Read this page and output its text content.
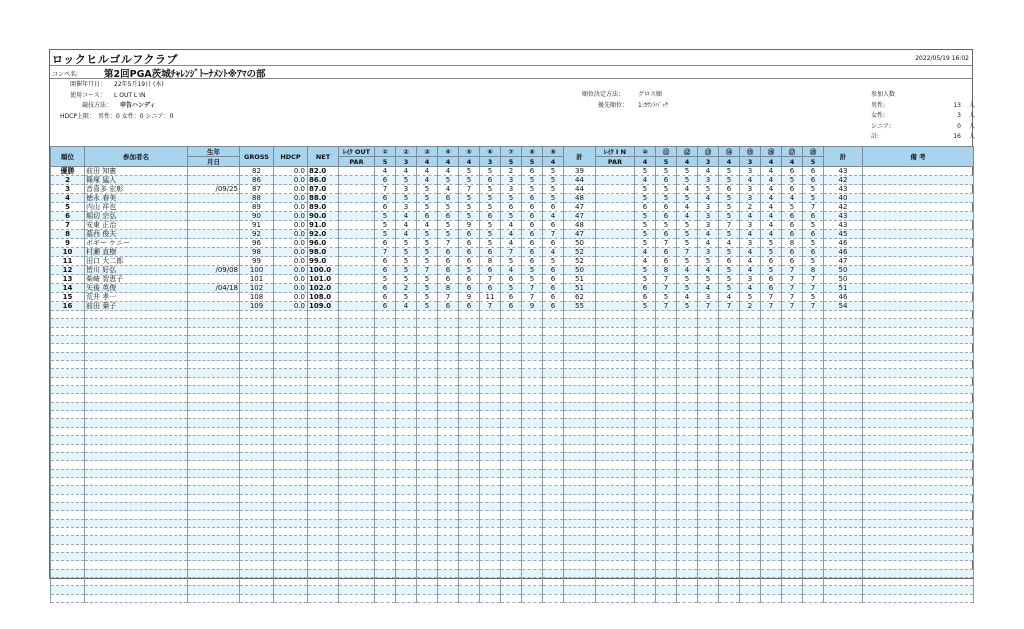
ロックヒルゴルフクラブ	2022/05/19 16:02
コンペ名:	第2回PGA茨城ﾁｬﾚﾝｼﾞﾄｰﾅﾒﾝﾄ※ｱﾏの部
開催年月日： 22年5月19日 (木)
使用コース： L OUT L IN
競技方法： 申告ハンディ
HDCP上限： 男性：0 女性：0 シニア：0
順位決定方法： グロス順
優先順位： 1:ｶｳﾝﾄﾊﾞｯｸ
参加人数
男性:	13 人
女性:	3 人
シニア:	0 人
計:	16 人
順位	参加者名	生年	GROSS	HDCP	NET	ﾚｲｸ OUT	①	②	③	④	⑤	⑥	⑦	⑧	⑨	計	ﾚｲｸ I N	⑩	⑪	⑫	⑬	⑭	⑮	⑯	⑰	⑱	計	備 考
		月日				PAR	5	3	4	4	4	3	5	5	4		PAR	4	5	4	3	4	3	4	4	5		
優勝	前田 知憲		82	0.0	82.0		4	4	4	4	5	5	2	6	5	39		5	5	5	4	5	3	4	6	6	43	
2	篠塚 猛人		86	0.0	86.0		6	5	4	5	5	6	3	5	5	44		4	6	5	3	5	4	4	5	6	42	
3	音喜多 宏彰	/09/25	87	0.0	87.0		7	3	5	4	7	5	3	5	5	44		5	5	4	5	6	3	4	6	5	43	
4	徳永 春美		88	0.0	88.0		6	5	5	6	5	5	5	6	5	48		5	5	5	4	5	3	4	4	5	40	
5	内山 祥也		89	0.0	89.0		6	3	5	5	5	5	6	6	6	47		6	6	4	3	5	2	4	5	7	42	
6	堀切 宗弘		90	0.0	90.0		5	4	6	6	5	6	5	6	4	47		5	6	4	3	5	4	4	6	6	43	
7	安東 正治		91	0.0	91.0		5	4	4	5	9	5	4	6	6	48		5	5	5	3	7	3	4	6	5	43	
8	墓西 俊夫		92	0.0	92.0		5	4	5	5	6	5	4	6	7	47		5	6	5	4	5	4	4	6	6	45	
9	ボギー ケニー		96	0.0	96.0		6	5	5	7	6	5	4	6	6	50		5	7	5	4	4	3	5	8	5	46	
10	村瀬 直樹		98	0.0	98.0		7	5	5	6	6	6	7	6	4	52		4	6	7	3	5	4	5	6	6	46	
11	田口 大二郎		99	0.0	99.0		6	5	5	6	6	8	5	6	5	52		4	6	5	5	6	4	6	6	5	47	
12	皆川 好弘	/09/08	100	0.0	100.0		6	5	7	6	5	6	4	5	6	50		5	8	4	4	5	4	5	7	8	50	
13	柴崎 智恵子		101	0.0	101.0		5	5	5	6	6	7	6	5	6	51		5	7	5	5	5	3	6	7	7	50	
14	矢後 英俊	/04/18	102	0.0	102.0		6	2	5	8	6	6	5	7	6	51		6	7	5	4	5	4	6	7	7	51	
15	荒井 孝一		108	0.0	108.0		6	5	5	7	9	11	6	7	6	62		6	5	4	3	4	5	7	7	5	46	
16	前田 葉子		109	0.0	109.0		6	4	5	6	6	7	6	9	6	55		5	7	5	7	7	2	7	7	7	54	
